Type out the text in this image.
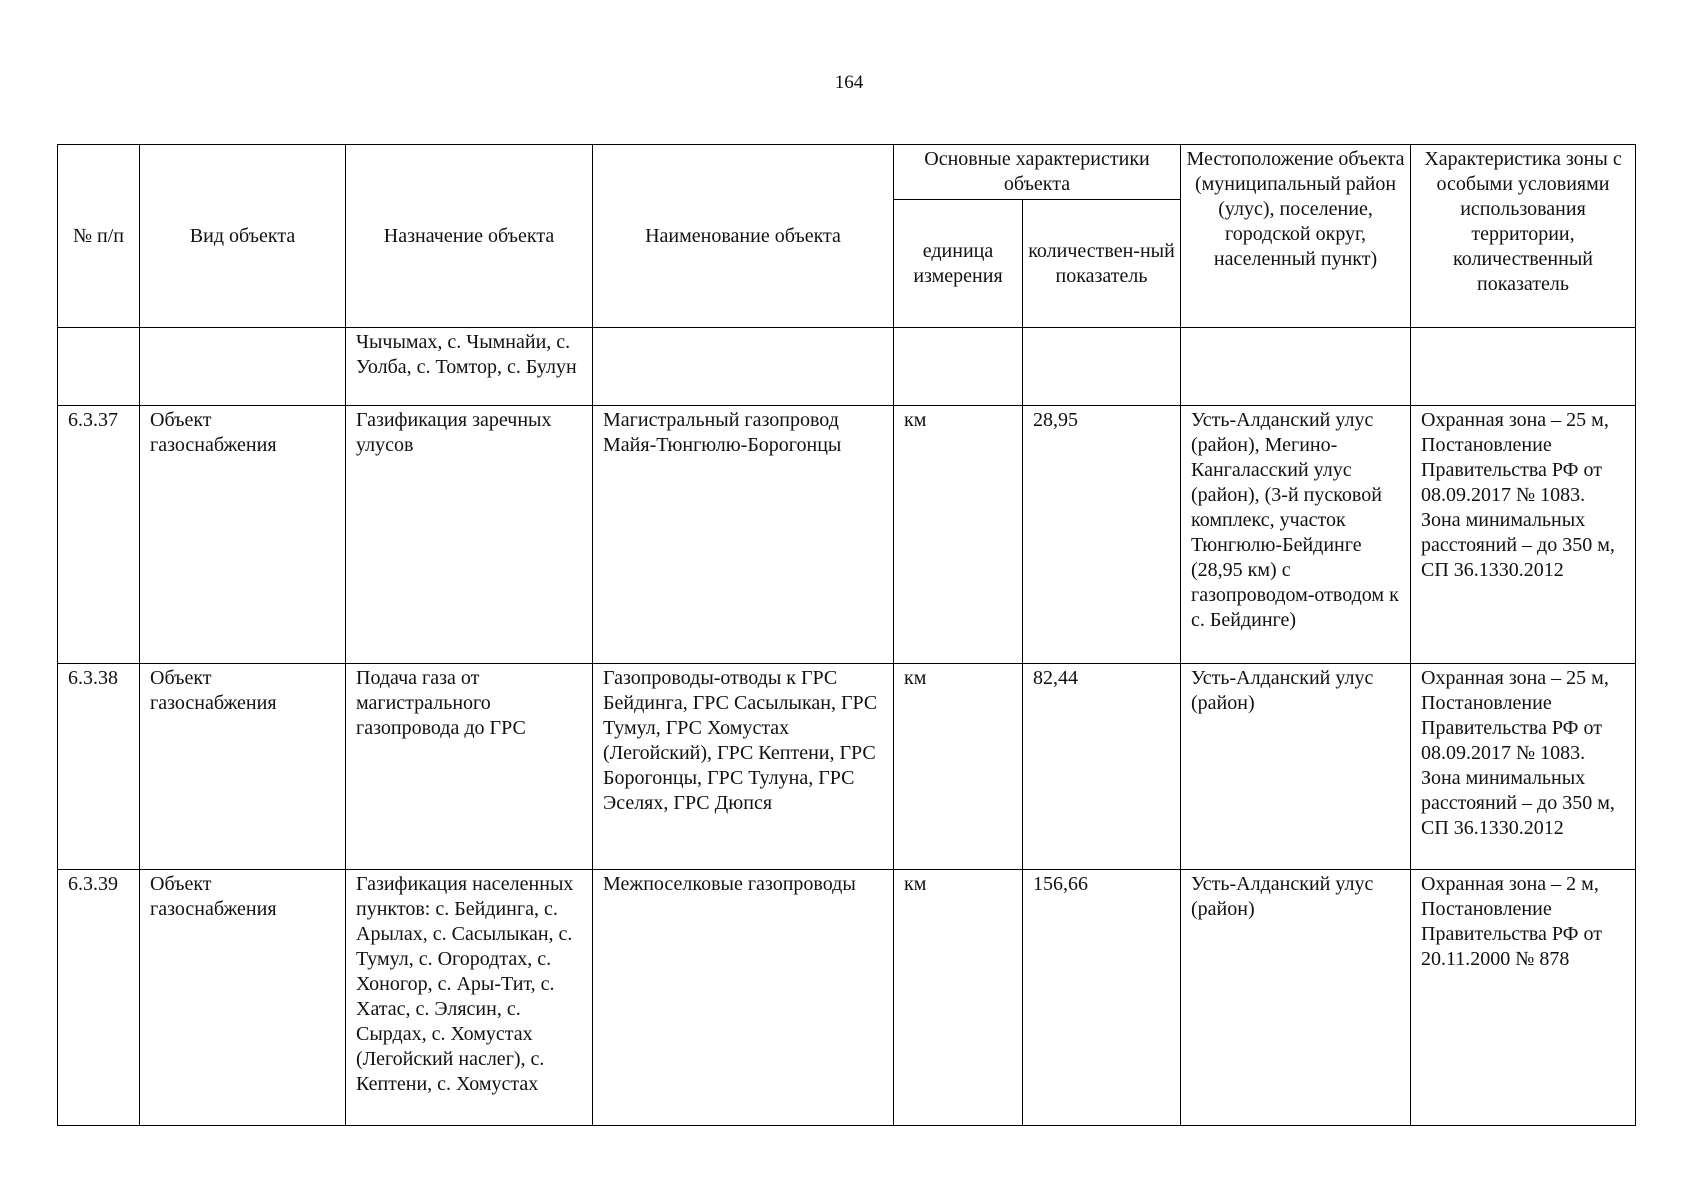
164
№ п/п	Вид объекта	Назначение объекта	Наименование объекта	Основные характеристики объекта		Местоположение объекта (муниципальный район (улус), поселение, городской округ, населенный пункт)	Характеристика зоны с особыми условиями использования территории, количественный показатель
				единица измерения	количествен-ный показатель		
		Чычымах, с. Чымнайи, с. Уолба, с. Томтор, с. Булун					
6.3.37	Объект газоснабжения	Газификация заречных улусов	Магистральный газопровод Майя-Тюнгюлю-Борогонцы	км	28,95	Усть-Алданский улус (район), Мегино-Кангаласский улус (район), (3-й пусковой комплекс, участок Тюнгюлю-Бейдинге (28,95 км) с газопроводом-отводом к с. Бейдинге)	Охранная зона – 25 м, Постановление Правительства РФ от 08.09.2017 № 1083. Зона минимальных расстояний – до 350 м, СП 36.1330.2012
6.3.38	Объект газоснабжения	Подача газа от магистрального газопровода до ГРС	Газопроводы-отводы к ГРС Бейдинга, ГРС Сасылыкан, ГРС Тумул, ГРС Хомустах (Легойский), ГРС Кептени, ГРС Борогонцы, ГРС Тулуна, ГРС Эселях, ГРС Дюпся	км	82,44	Усть-Алданский улус (район)	Охранная зона – 25 м, Постановление Правительства РФ от 08.09.2017 № 1083. Зона минимальных расстояний – до 350 м, СП 36.1330.2012
6.3.39	Объект газоснабжения	Газификация населенных пунктов: с. Бейдинга, с. Арылах, с. Сасылыкан, с. Тумул, с. Огородтах, с. Хоногор, с. Ары-Тит, с. Хатас, с. Элясин, с. Сырдах, с. Хомустах (Легойский наслег), с. Кептени, с. Хомустах	Межпоселковые газопроводы	км	156,66	Усть-Алданский улус (район)	Охранная зона – 2 м, Постановление Правительства РФ от 20.11.2000 № 878
